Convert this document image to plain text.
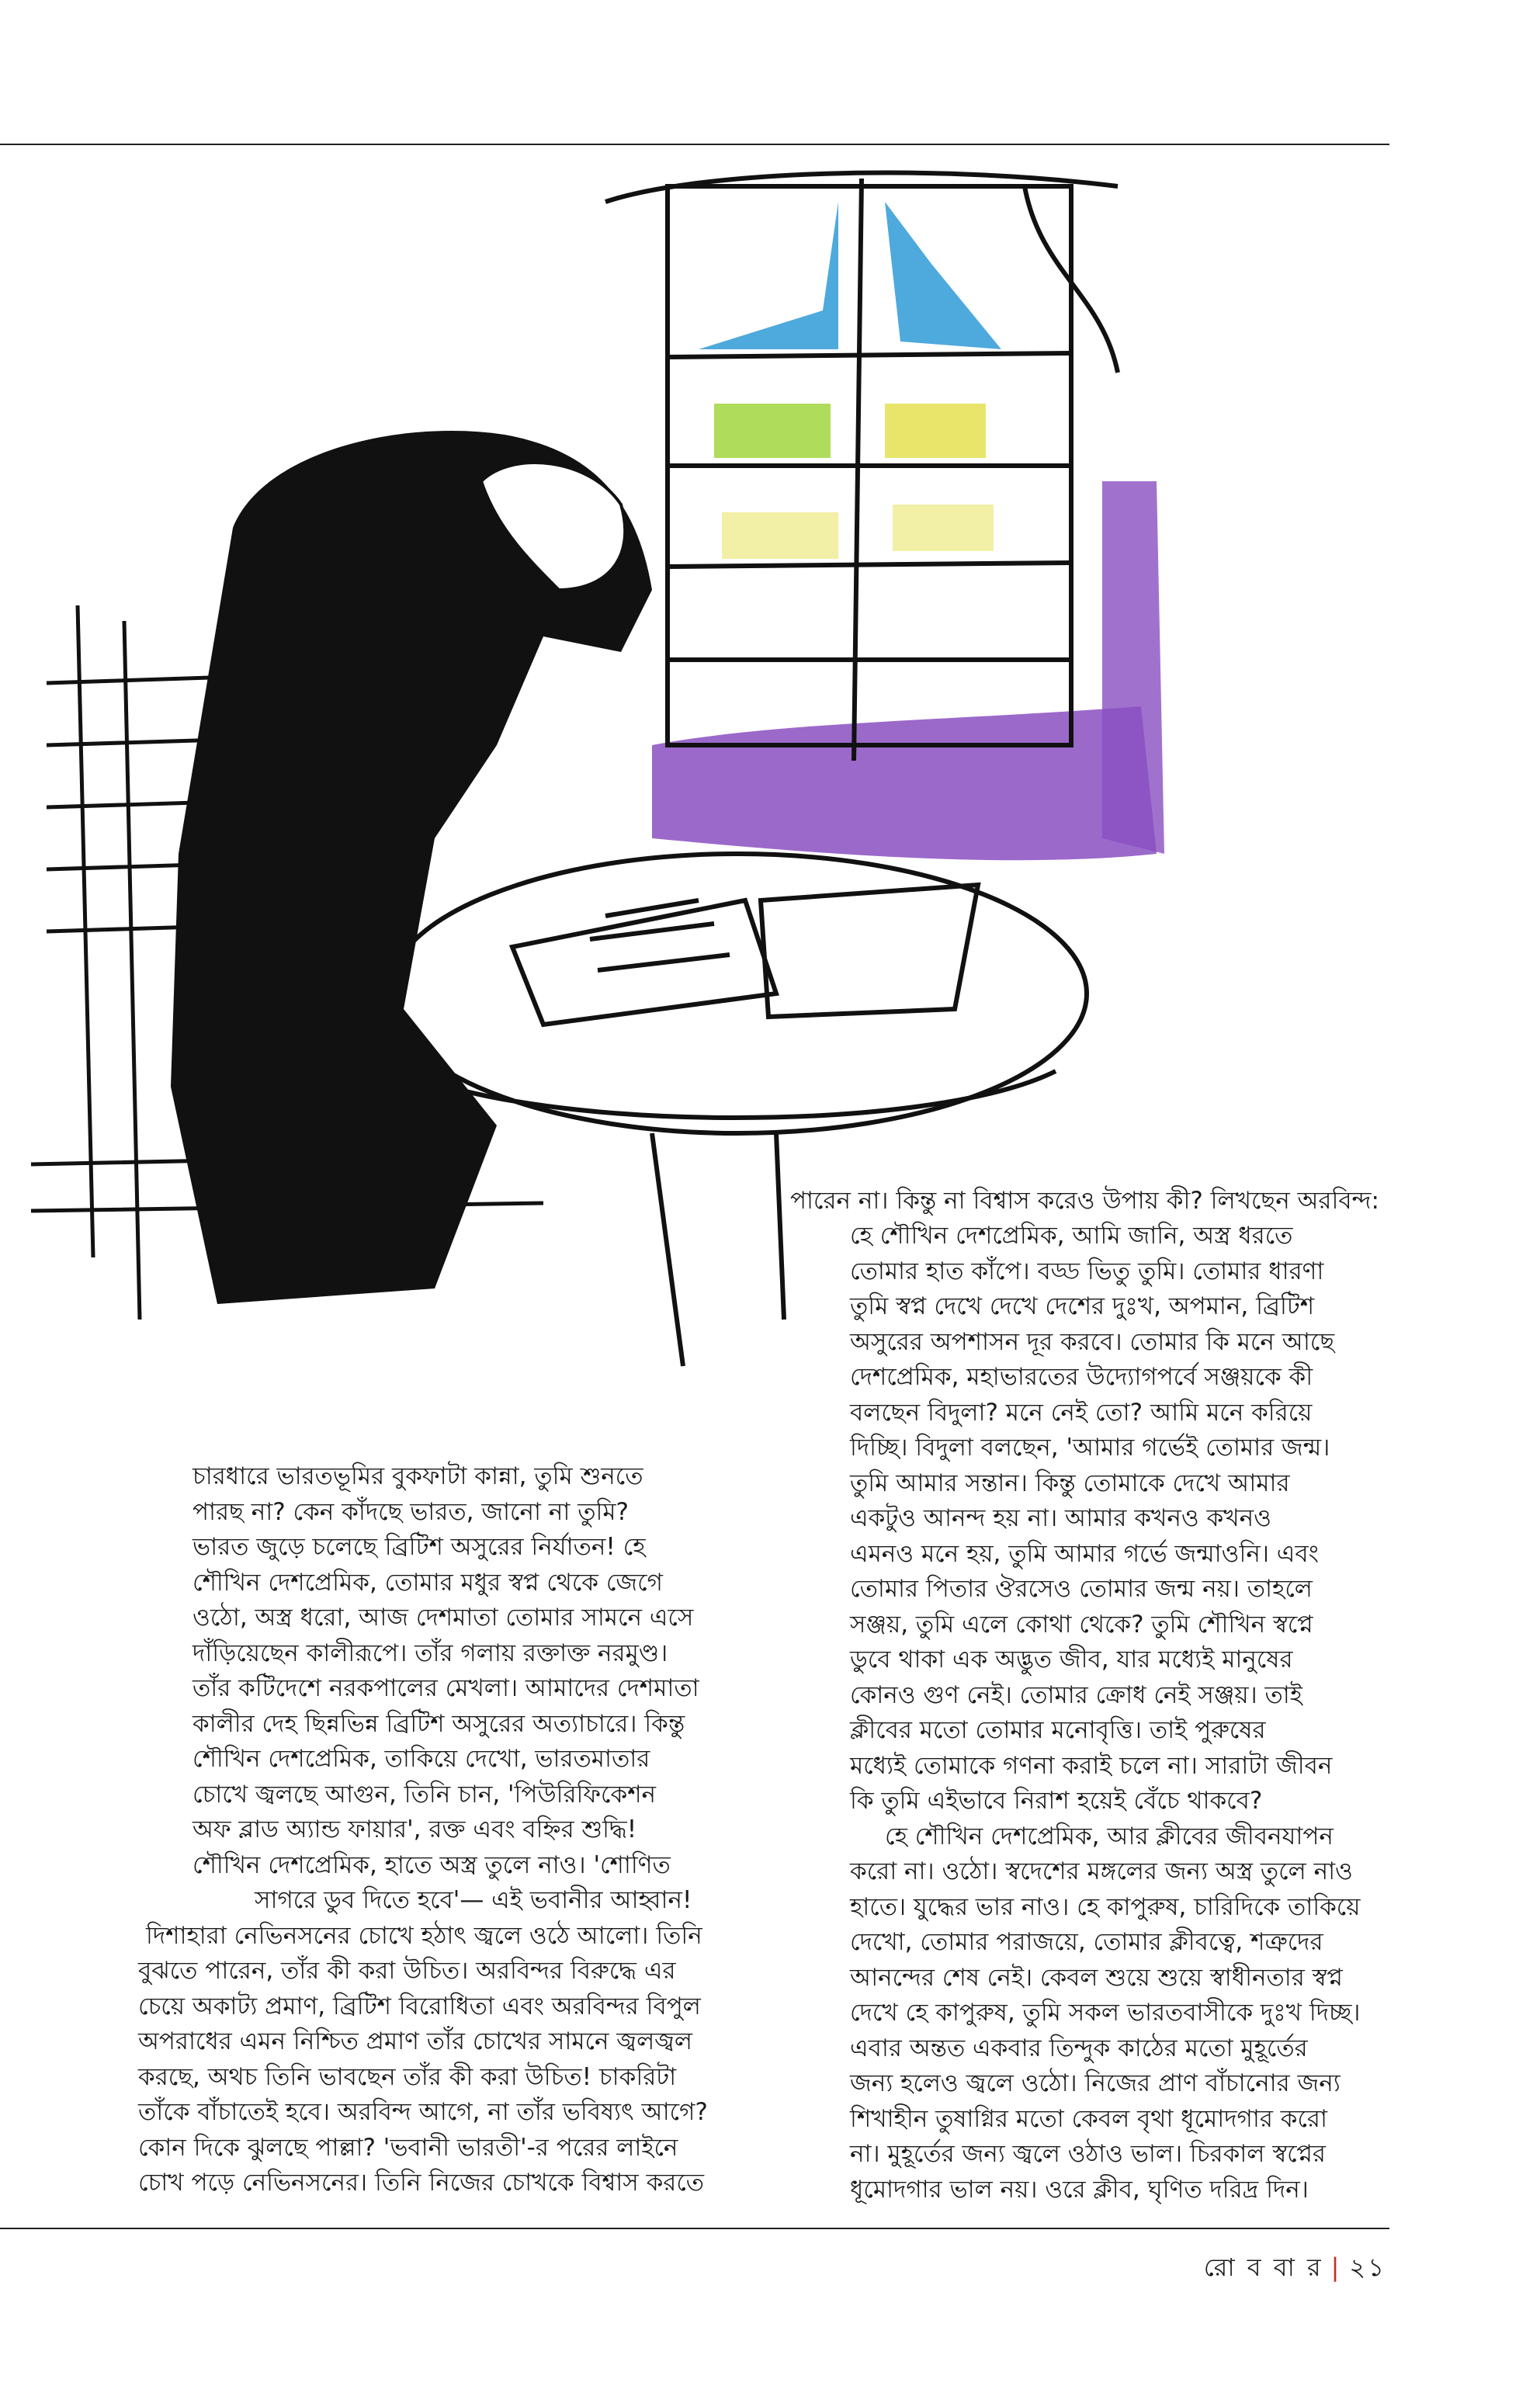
চারধারে ভারতভূমির বুকফাটা কান্না, তুমি শুনতে

পারছ না? কেন কাঁদছে ভারত, জানো না তুমি?

ভারত জুড়ে চলেছে ব্রিটিশ অসুরের নির্যাতন! হে

শৌখিন দেশপ্রেমিক, তোমার মধুর স্বপ্ন থেকে জেগে

ওঠো, অস্ত্র ধরো, আজ দেশমাতা তোমার সামনে এসে

দাঁড়িয়েছেন কালীরূপে। তাঁর গলায় রক্তাক্ত নরমুণ্ড।

তাঁর কটিদেশে নরকপালের মেখলা। আমাদের দেশমাতা

কালীর দেহ ছিন্নভিন্ন ব্রিটিশ অসুরের অত্যাচারে। কিন্তু

শৌখিন দেশপ্রেমিক, তাকিয়ে দেখো, ভারতমাতার

চোখে জ্বলছে আগুন, তিনি চান, 'পিউরিফিকেশন

অফ ব্লাড অ্যান্ড ফায়ার', রক্ত এবং বহ্নির শুদ্ধি!

শৌখিন দেশপ্রেমিক, হাতে অস্ত্র তুলে নাও। 'শোণিত

সাগরে ডুব দিতে হবে'— এই ভবানীর আহ্বান!

দিশাহারা নেভিনসনের চোখে হঠাৎ জ্বলে ওঠে আলো। তিনি

বুঝতে পারেন, তাঁর কী করা উচিত। অরবিন্দর বিরুদ্ধে এর

চেয়ে অকাট্য প্রমাণ, ব্রিটিশ বিরোধিতা এবং অরবিন্দর বিপুল

অপরাধের এমন নিশ্চিত প্রমাণ তাঁর চোখের সামনে জ্বলজ্বল

করছে, অথচ তিনি ভাবছেন তাঁর কী করা উচিত! চাকরিটা

তাঁকে বাঁচাতেই হবে। অরবিন্দ আগে, না তাঁর ভবিষ্যৎ আগে?

কোন দিকে ঝুলছে পাল্লা? 'ভবানী ভারতী'-র পরের লাইনে

চোখ পড়ে নেভিনসনের। তিনি নিজের চোখকে বিশ্বাস করতে

পারেন না। কিন্তু না বিশ্বাস করেও উপায় কী? লিখছেন অরবিন্দ:

হে শৌখিন দেশপ্রেমিক, আমি জানি, অস্ত্র ধরতে

তোমার হাত কাঁপে। বড্ড ভিতু তুমি। তোমার ধারণা

তুমি স্বপ্ন দেখে দেখে দেশের দুঃখ, অপমান, ব্রিটিশ

অসুরের অপশাসন দূর করবে। তোমার কি মনে আছে

দেশপ্রেমিক, মহাভারতের উদ্যোগপর্বে সঞ্জয়কে কী

বলছেন বিদুলা? মনে নেই তো? আমি মনে করিয়ে

দিচ্ছি। বিদুলা বলছেন, 'আমার গর্ভেই তোমার জন্ম।

তুমি আমার সন্তান। কিন্তু তোমাকে দেখে আমার

একটুও আনন্দ হয় না। আমার কখনও কখনও

এমনও মনে হয়, তুমি আমার গর্ভে জন্মাওনি। এবং

তোমার পিতার ঔরসেও তোমার জন্ম নয়। তাহলে

সঞ্জয়, তুমি এলে কোথা থেকে? তুমি শৌখিন স্বপ্নে

ডুবে থাকা এক অদ্ভুত জীব, যার মধ্যেই মানুষের

কোনও গুণ নেই। তোমার ক্রোধ নেই সঞ্জয়। তাই

ক্লীবের মতো তোমার মনোবৃত্তি। তাই পুরুষের

মধ্যেই তোমাকে গণনা করাই চলে না। সারাটা জীবন

কি তুমি এইভাবে নিরাশ হয়েই বেঁচে থাকবে?

হে শৌখিন দেশপ্রেমিক, আর ক্লীবের জীবনযাপন

করো না। ওঠো। স্বদেশের মঙ্গলের জন্য অস্ত্র তুলে নাও

হাতে। যুদ্ধের ভার নাও। হে কাপুরুষ, চারিদিকে তাকিয়ে

দেখো, তোমার পরাজয়ে, তোমার ক্লীবত্বে, শত্রুদের

আনন্দের শেষ নেই। কেবল শুয়ে শুয়ে স্বাধীনতার স্বপ্ন

দেখে হে কাপুরুষ, তুমি সকল ভারতবাসীকে দুঃখ দিচ্ছ।

এবার অন্তত একবার তিন্দুক কাঠের মতো মুহূর্তের

জন্য হলেও জ্বলে ওঠো। নিজের প্রাণ বাঁচানোর জন্য

শিখাহীন তুষাগ্নির মতো কেবল বৃথা ধূমোদগার করো

না। মুহূর্তের জন্য জ্বলে ওঠাও ভাল। চিরকাল স্বপ্নের

ধূমোদগার ভাল নয়। ওরে ক্লীব, ঘৃণিত দরিদ্র দিন।

রো ব বা র | ২১
